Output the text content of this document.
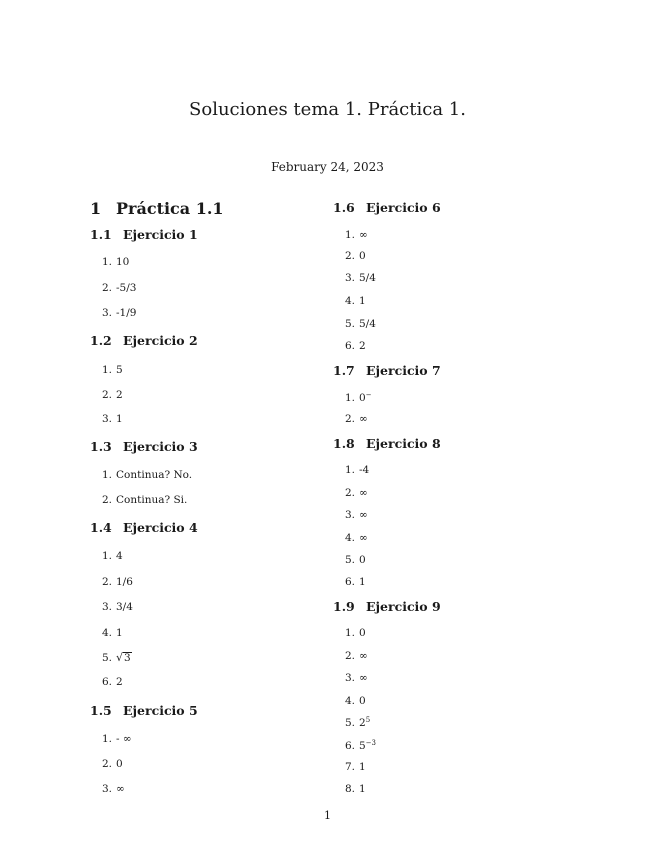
Soluciones tema 1. Práctica 1.
February 24, 2023
1 Práctica 1.1
1.1 Ejercicio 1
1. 10
2. -5/3
3. -1/9
1.2 Ejercicio 2
1. 5
2. 2
3. 1
1.3 Ejercicio 3
1. Continua? No.
2. Continua? Si.
1.4 Ejercicio 4
1. 4
2. 1/6
3. 3/4
4. 1
5. √ 3
6. 2
1.5 Ejercicio 5
1. - ∞
2. 0
3. ∞
1.6 Ejercicio 6
1. ∞
2. 0
3. 5/4
4. 1
5. 5/4
6. 2
1.7 Ejercicio 7
1. 0−
2. ∞
1.8 Ejercicio 8
1. -4
2. ∞
3. ∞
4. ∞
5. 0
6. 1
1.9 Ejercicio 9
1. 0
2. ∞
3. ∞
4. 0
5. $2^5$
6. $5^{-3}$
7. 1
8. 1
1
